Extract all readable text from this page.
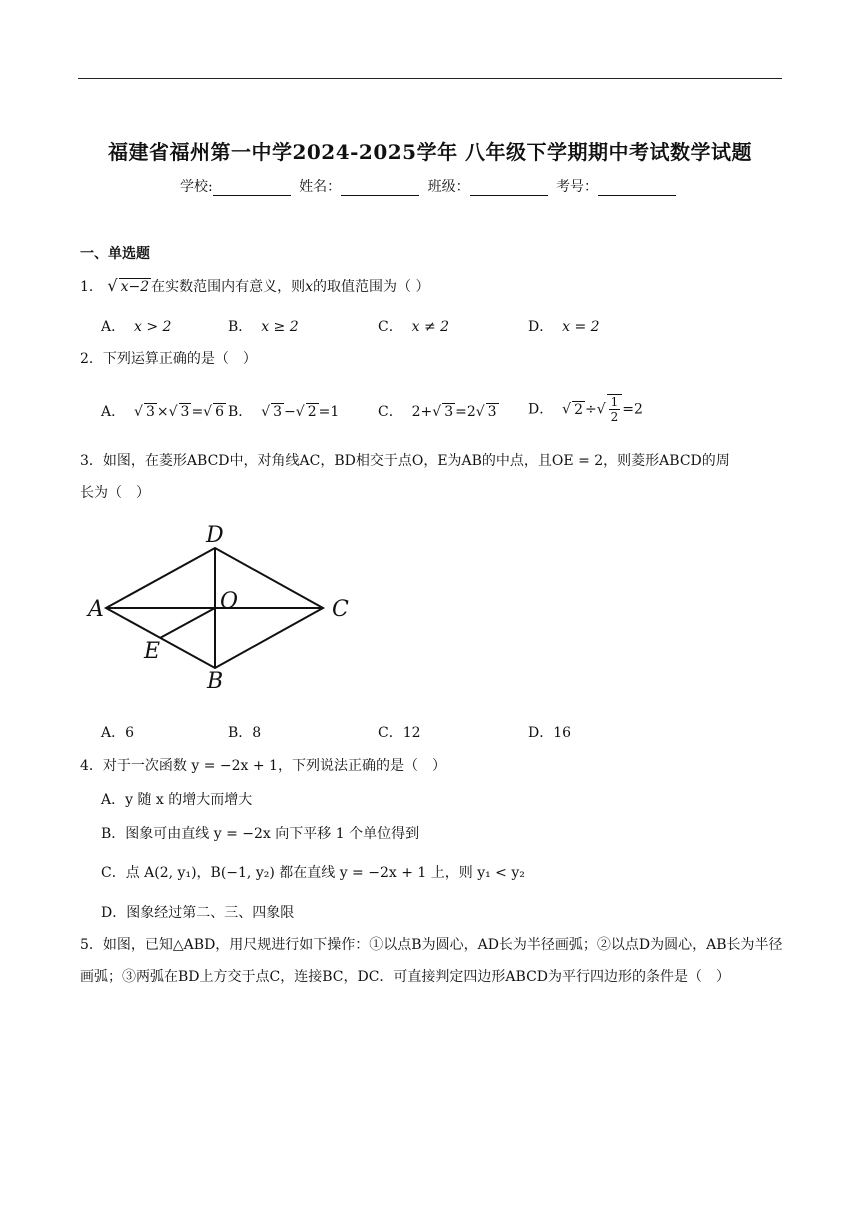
福建省福州第一中学2024-2025学年 八年级下学期期中考试数学试题
学校:	姓名：	班级：	考号：
一、单选题
1． √ x−2 在实数范围内有意义，则x的取值范围为（ ）
A． x > 2	B． x ≥ 2	C． x ≠ 2	D． x = 2
2．下列运算正确的是（　）
A．  √ 3 ×√ 3 =√ 6 B．  √ 3 −√ 2 =1	C．  2+√ 3 =2√ 3 D．  √ 2 ÷√ $\frac{1}{2} =2$
3．如图，在菱形ABCD中，对角线AC，BD相交于点O，E为AB的中点，且OE = 2，则菱形ABCD的周
长为（　）
D
A	O	C
E
B
A．6	B．8	C．12	D．16
4．对于一次函数 y = −2x + 1，下列说法正确的是（　）
A．y 随 x 的增大而增大
B．图象可由直线 y = −2x 向下平移 1 个单位得到
C．点 A(2, y₁)，B(−1, y₂) 都在直线 y = −2x + 1 上，则 y₁ < y₂
D．图象经过第二、三、四象限
5．如图，已知△ABD，用尺规进行如下操作：①以点B为圆心，AD长为半径画弧；②以点D为圆心，AB长为半径画弧；③两弧在BD上方交于点C，连接BC，DC．可直接判定四边形ABCD为平行四边形的条件是（　）
